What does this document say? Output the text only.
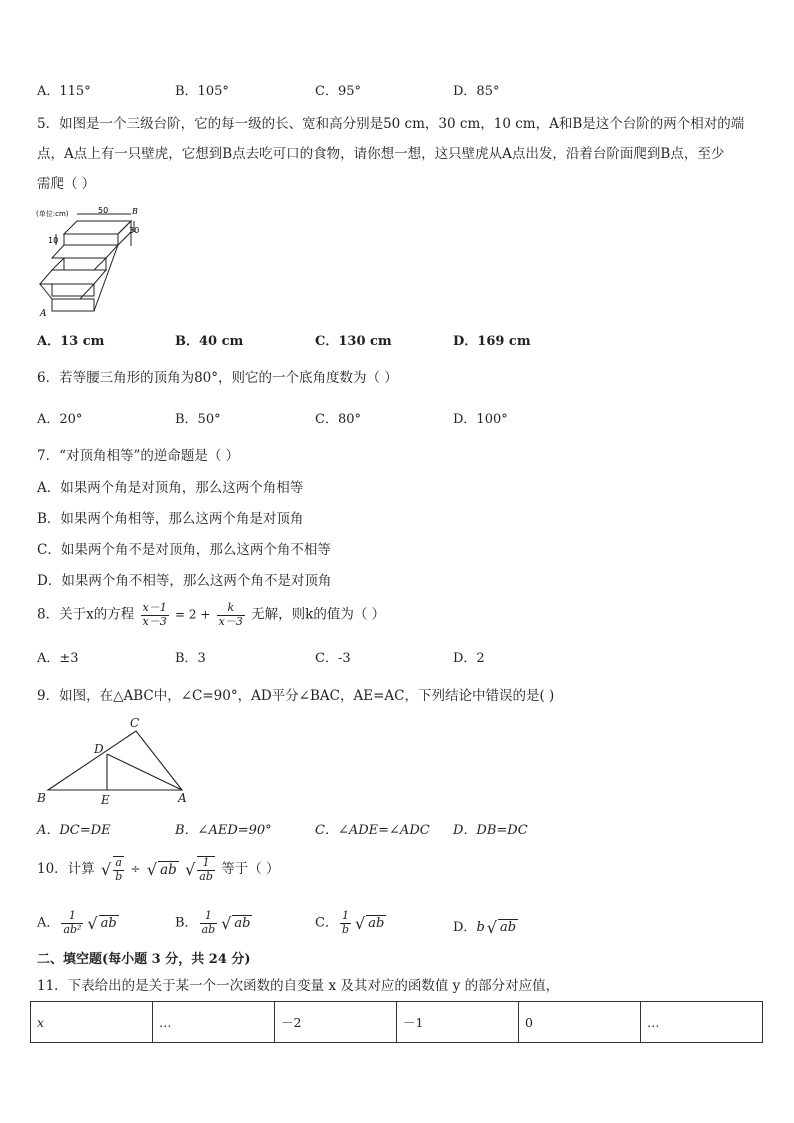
A．115°	B．105°	C．95°	D．85°
5．如图是一个三级台阶，它的每一级的长、宽和高分别是50 cm，30 cm，10 cm，A和B是这个台阶的两个相对的端
点，A点上有一只壁虎，它想到B点去吃可口的食物，请你想一想，这只壁虎从A点出发，沿着台阶面爬到B点，至少
需爬（ ）
(单位:cm)	50	B
30
10
A
A．13 cm	B．40 cm	C．130 cm	D．169 cm
6．若等腰三角形的顶角为80°，则它的一个底角度数为（ ）
A．20°	B．50°	C．80°	D．100°
7．“对顶角相等”的逆命题是（ ）
A．如果两个角是对顶角，那么这两个角相等
B．如果两个角相等，那么这两个角是对顶角
C．如果两个角不是对顶角，那么这两个角不相等
D．如果两个角不相等，那么这两个角不是对顶角
8．关于x的方程 $\frac{x-1}{x-3} = 2 + \frac{k}{x-3}$ 无解，则k的值为（ ）
A．±3	B．3	C．-3	D．2
9．如图，在△ABC中，∠C=90°，AD平分∠BAC，AE=AC，下列结论中错误的是( )
C
D
B	E	A
A．DC=DE	B．∠AED=90°	C．∠ADE=∠ADC D．DB=DC
10．计算 √ $\frac{a}{b}$ ÷ √ ab √ $\frac{1}{ab}$ 等于（ ）
A． $\frac{1}{\text{ab²}}$ √ ab	B． $\frac{1}{ab}$ √ ab	C． $\frac{1}{b}$ √ ab	D．b √ ab
二、填空题(每小题 3 分，共 24 分)
11．下表给出的是关于某一个一次函数的自变量 x 及其对应的函数值 y 的部分对应值，
x	…	－2	－1	0	…
